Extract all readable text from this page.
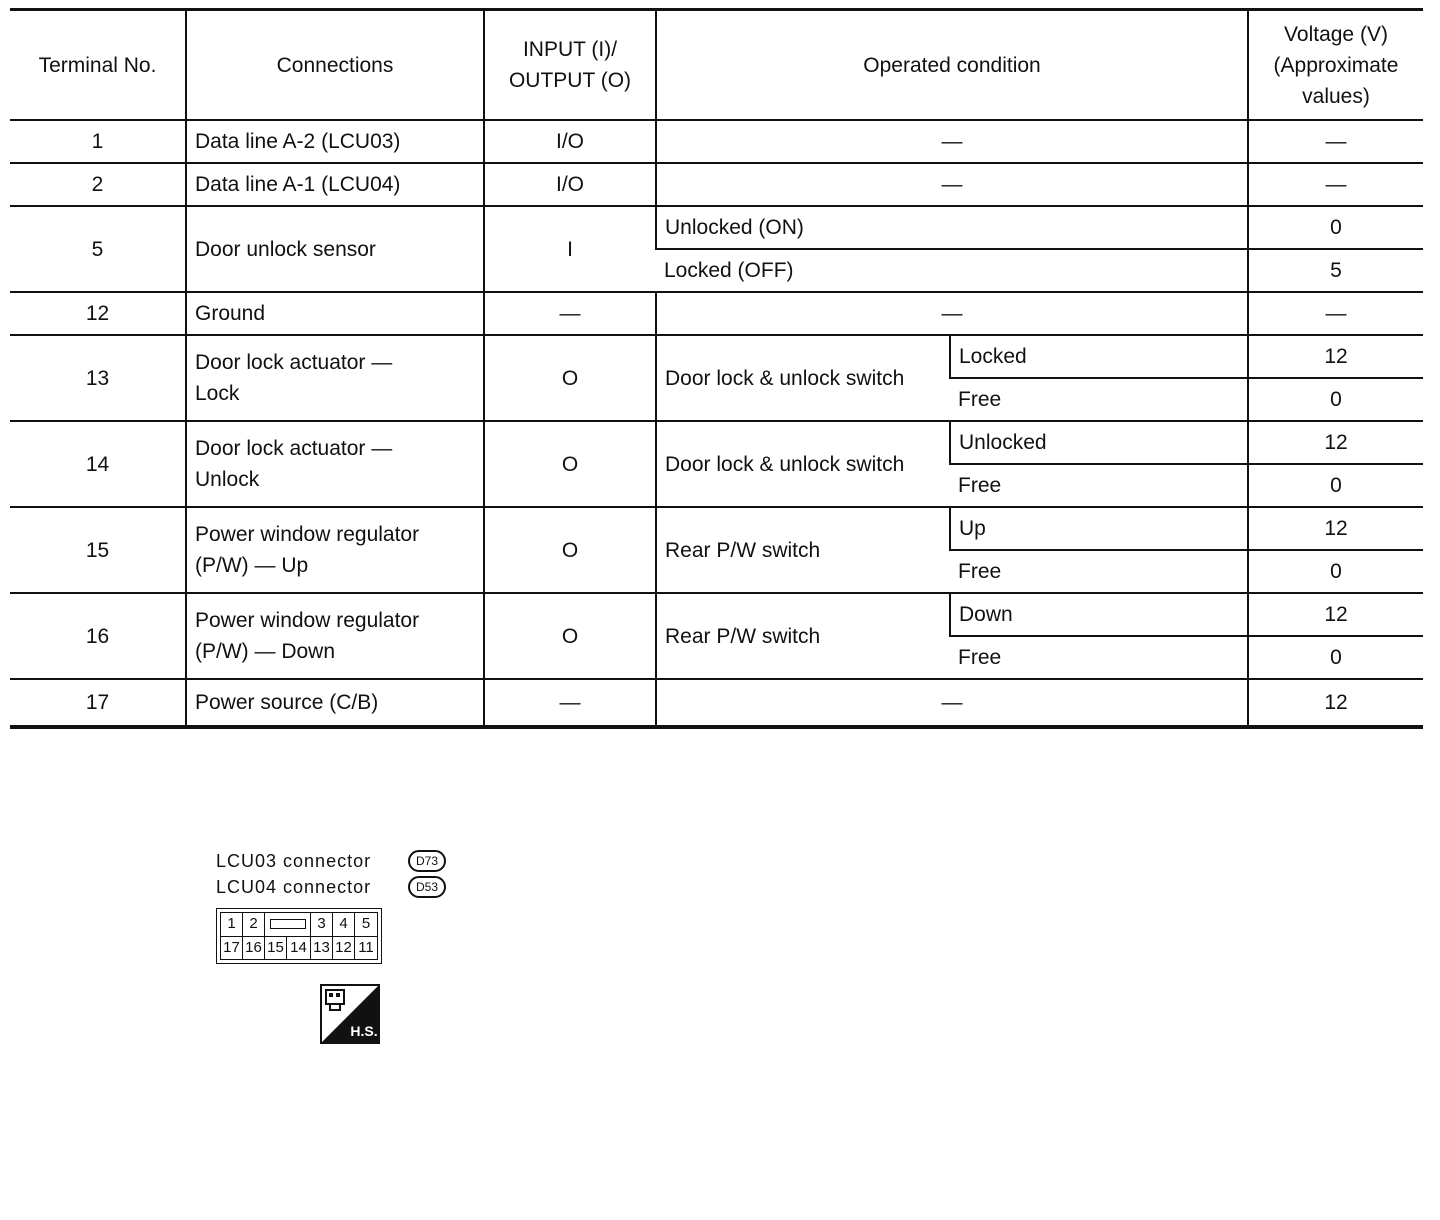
Terminal No.	Connections	INPUT (I)/
OUTPUT (O)	Operated condition		Voltage (V)
(Approximate
values)
1	Data line A-2 (LCU03)	I/O	—		—
2	Data line A-1 (LCU04)	I/O	—		—
5	Door unlock sensor	I	Unlocked (ON)		0
			Locked (OFF)		5
12	Ground	—	—		—
13	Door lock actuator —
Lock	O	Door lock & unlock switch	Locked	12
				Free	0
14	Door lock actuator —
Unlock	O	Door lock & unlock switch	Unlocked	12
				Free	0
15	Power window regulator
(P/W) — Up	O	Rear P/W switch	Up	12
				Free	0
16	Power window regulator
(P/W) — Down	O	Rear P/W switch	Down	12
				Free	0
17	Power source (C/B)	—	—		12
LCU03 connector	D73
LCU04 connector	D53
1 2	3 4 5
17 16 15 14 13 12 11
H.S.
